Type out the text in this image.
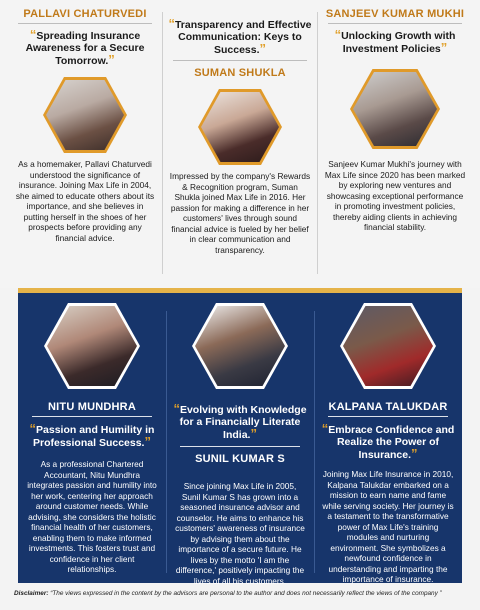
PALLAVI CHATURVEDI
“Spreading Insurance Awareness for a Secure Tomorrow.”
As a homemaker, Pallavi Chaturvedi understood the significance of insurance. Joining Max Life in 2004, she aimed to educate others about its importance, and she believes in putting herself in the shoes of her prospects before providing any financial advice.
“Transparency and Effective Communication: Keys to Success.”
SUMAN SHUKLA
Impressed by the company's Rewards & Recognition program, Suman Shukla joined Max Life in 2016. Her passion for making a difference in her customers' lives through sound financial advice is fueled by her belief in clear communication and transparency.
SANJEEV KUMAR MUKHI
“Unlocking Growth with Investment Policies”
Sanjeev Kumar Mukhi's journey with Max Life since 2020 has been marked by exploring new ventures and showcasing exceptional performance in promoting investment policies, thereby aiding clients in achieving financial stability.
NITU MUNDHRA
“Passion and Humility in Professional Success.”
As a professional Chartered Accountant, Nitu Mundhra integrates passion and humility into her work, centering her approach around customer needs. While advising, she considers the holistic financial health of her customers, enabling them to make informed investments. This fosters trust and confidence in her client relationships.
“Evolving with Knowledge for a Financially Literate India.”
SUNIL KUMAR S
Since joining Max Life in 2005, Sunil Kumar S has grown into a seasoned insurance advisor and counselor. He aims to enhance his customers' awareness of insurance by advising them about the importance of a secure future. He lives by the motto 'I am the difference,' positively impacting the lives of all his customers.
KALPANA TALUKDAR
“Embrace Confidence and Realize the Power of Insurance.”
Joining Max Life Insurance in 2010, Kalpana Talukdar embarked on a mission to earn name and fame while serving society. Her journey is a testament to the transformative power of Max Life's training modules and nurturing environment. She symbolizes a newfound confidence in understanding and imparting the importance of insurance.
Disclaimer: “The views expressed in the content by the advisors are personal to the author and does not necessarily reflect the views of the company ”
